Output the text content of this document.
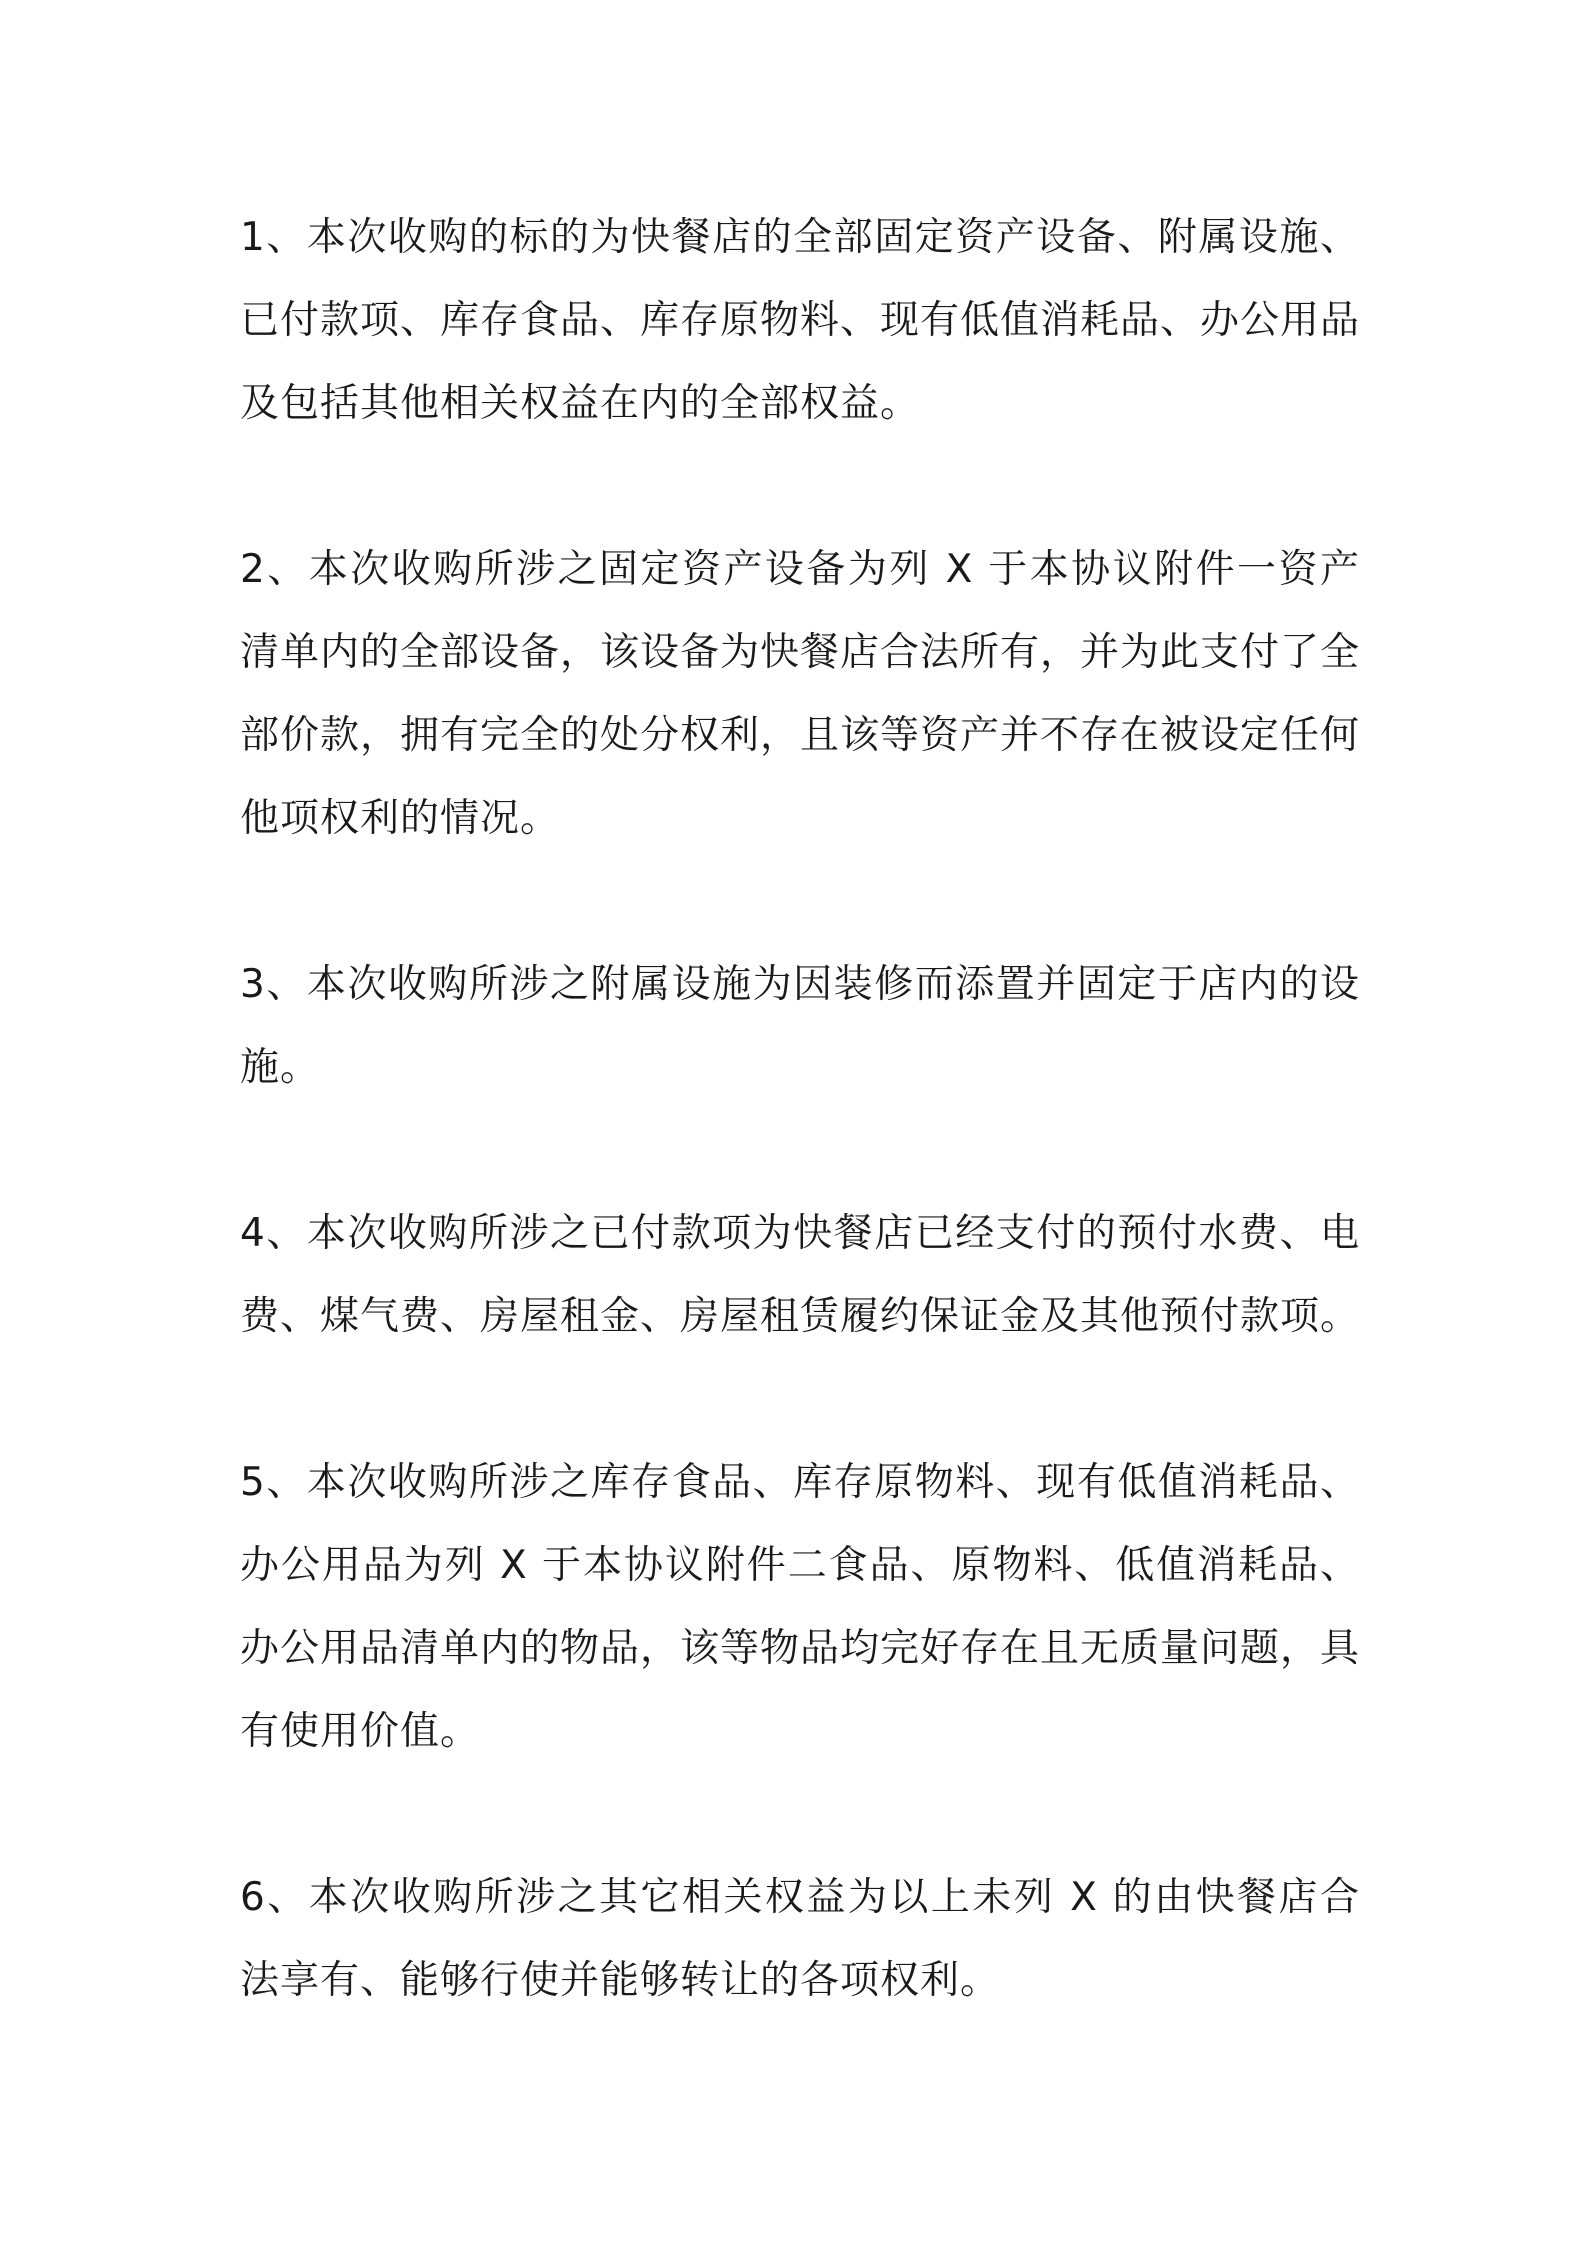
1、本次收购的标的为快餐店的全部固定资产设备、附属设施、已付款项、库存食品、库存原物料、现有低值消耗品、办公用品及包括其他相关权益在内的全部权益。

2、本次收购所涉之固定资产设备为列 X 于本协议附件一资产清单内的全部设备，该设备为快餐店合法所有，并为此支付了全部价款，拥有完全的处分权利，且该等资产并不存在被设定任何他项权利的情况。

3、本次收购所涉之附属设施为因装修而添置并固定于店内的设施。

4、本次收购所涉之已付款项为快餐店已经支付的预付水费、电费、煤气费、房屋租金、房屋租赁履约保证金及其他预付款项。

5、本次收购所涉之库存食品、库存原物料、现有低值消耗品、办公用品为列 X 于本协议附件二食品、原物料、低值消耗品、办公用品清单内的物品，该等物品均完好存在且无质量问题，具有使用价值。

6、本次收购所涉之其它相关权益为以上未列 X 的由快餐店合法享有、能够行使并能够转让的各项权利。
